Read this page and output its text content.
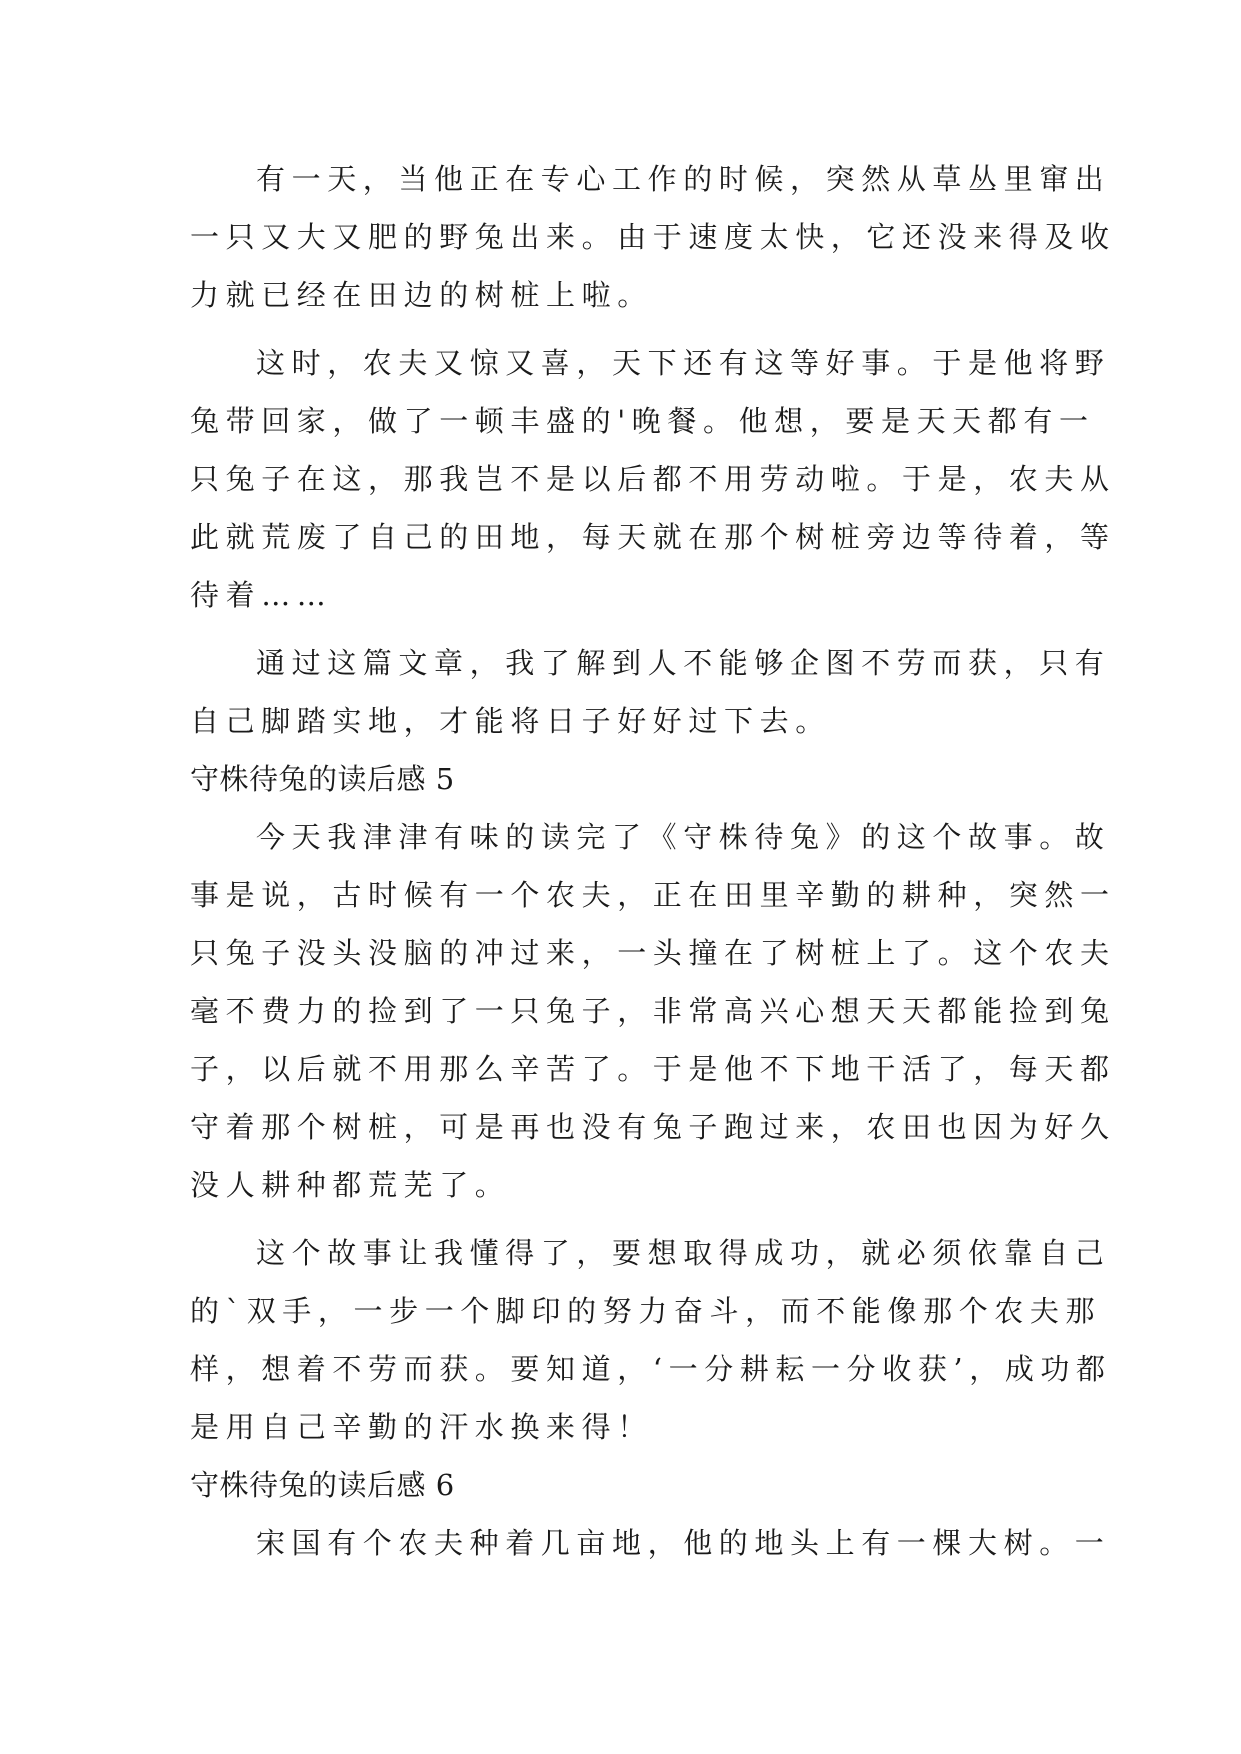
有一天，当他正在专心工作的时候，突然从草丛里窜出
一只又大又肥的野兔出来。由于速度太快，它还没来得及收
力就已经在田边的树桩上啦。
这时，农夫又惊又喜，天下还有这等好事。于是他将野
兔带回家，做了一顿丰盛的'晚餐。他想，要是天天都有一
只兔子在这，那我岂不是以后都不用劳动啦。于是，农夫从
此就荒废了自己的田地，每天就在那个树桩旁边等待着，等
待着……
通过这篇文章，我了解到人不能够企图不劳而获，只有
自己脚踏实地，才能将日子好好过下去。
守株待兔的读后感 5
今天我津津有味的读完了《守株待兔》的这个故事。故
事是说，古时候有一个农夫，正在田里辛勤的耕种，突然一
只兔子没头没脑的冲过来，一头撞在了树桩上了。这个农夫
毫不费力的捡到了一只兔子，非常高兴心想天天都能捡到兔
子，以后就不用那么辛苦了。于是他不下地干活了，每天都
守着那个树桩，可是再也没有兔子跑过来，农田也因为好久
没人耕种都荒芜了。
这个故事让我懂得了，要想取得成功，就必须依靠自己
的`双手，一步一个脚印的努力奋斗，而不能像那个农夫那
样，想着不劳而获。要知道，‘一分耕耘一分收获’，成功都
是用自己辛勤的汗水换来得！
守株待兔的读后感 6
宋国有个农夫种着几亩地，他的地头上有一棵大树。一
